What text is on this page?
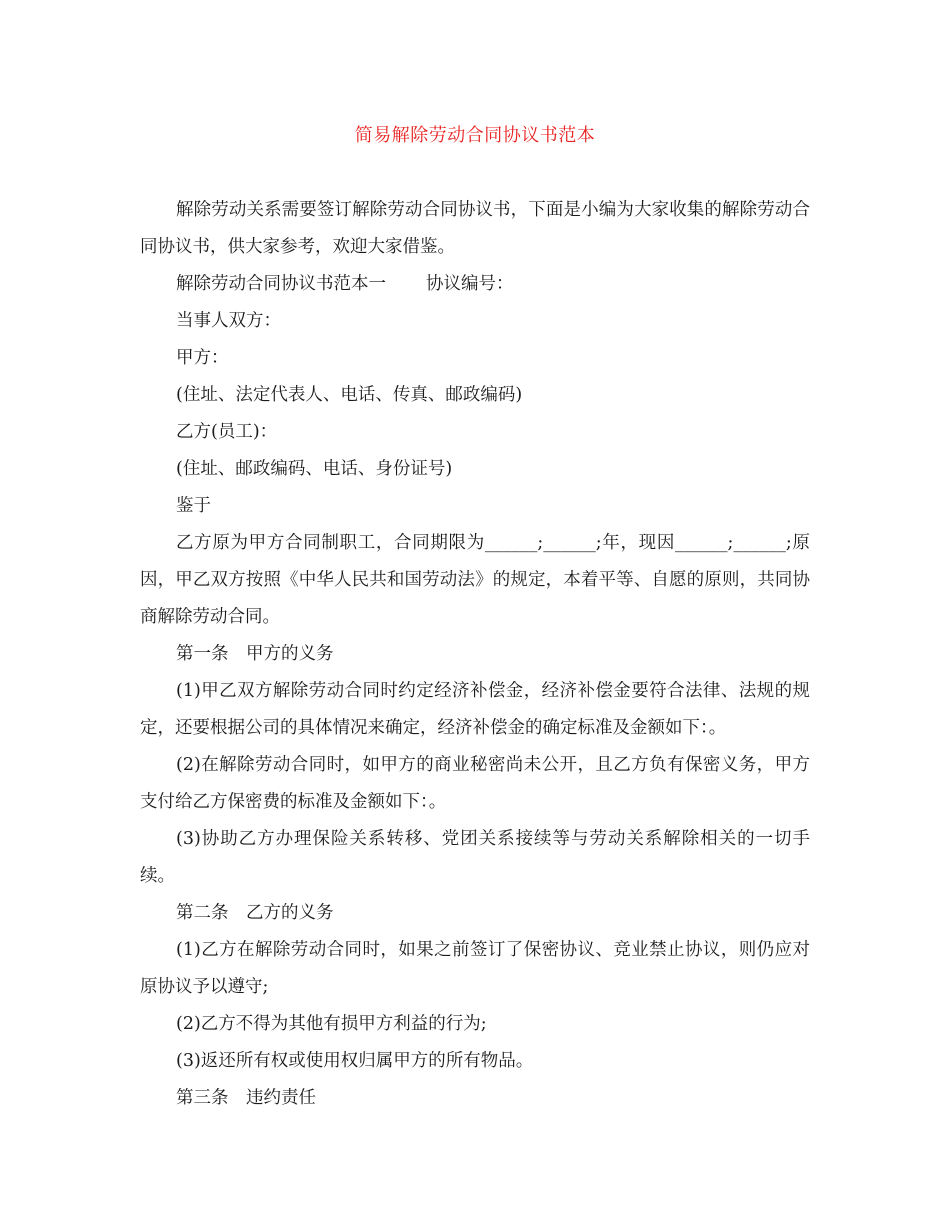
简易解除劳动合同协议书范本

解除劳动关系需要签订解除劳动合同协议书，下面是小编为大家收集的解除劳动合同协议书，供大家参考，欢迎大家借鉴。

解除劳动合同协议书范本一 协议编号：

当事人双方：

甲方：

(住址、法定代表人、电话、传真、邮政编码)

乙方(员工)：

(住址、邮政编码、电话、身份证号)

鉴于

乙方原为甲方合同制职工，合同期限为______;______;年，现因______;______;原因，甲乙双方按照《中华人民共和国劳动法》的规定，本着平等、自愿的原则，共同协商解除劳动合同。

第一条　甲方的义务

(1)甲乙双方解除劳动合同时约定经济补偿金，经济补偿金要符合法律、法规的规定，还要根据公司的具体情况来确定，经济补偿金的确定标准及金额如下：。

(2)在解除劳动合同时，如甲方的商业秘密尚未公开，且乙方负有保密义务，甲方支付给乙方保密费的标准及金额如下：。

(3)协助乙方办理保险关系转移、党团关系接续等与劳动关系解除相关的一切手续。

第二条　乙方的义务

(1)乙方在解除劳动合同时，如果之前签订了保密协议、竞业禁止协议，则仍应对原协议予以遵守;

(2)乙方不得为其他有损甲方利益的行为;

(3)返还所有权或使用权归属甲方的所有物品。

第三条　违约责任
